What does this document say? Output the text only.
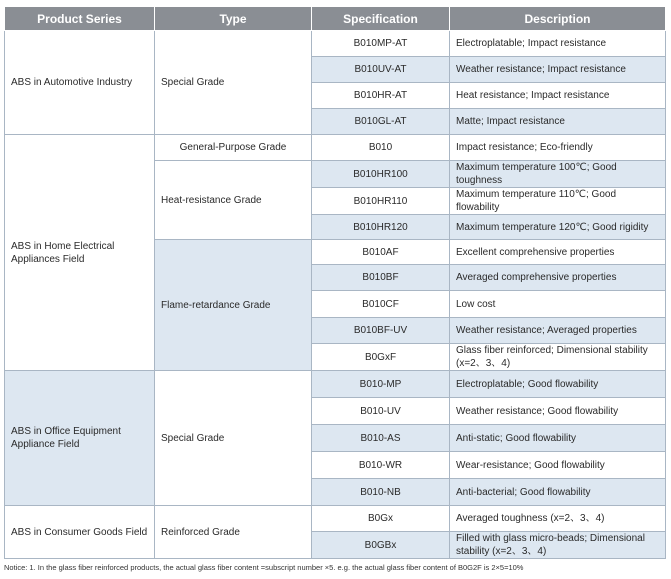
Product Series	Type	Specification	Description
ABS in Automotive Industry	Special Grade	B010MP-AT	Electroplatable; Impact resistance
		B010UV-AT	Weather resistance; Impact resistance
		B010HR-AT	Heat resistance; Impact resistance
		B010GL-AT	Matte; Impact resistance
ABS in Home Electrical Appliances Field	General-Purpose Grade	B010	Impact resistance; Eco-friendly
	Heat-resistance Grade	B010HR100	Maximum temperature 100℃; Good toughness
		B010HR110	Maximum temperature 110℃; Good flowability
		B010HR120	Maximum temperature 120℃; Good rigidity
	Flame-retardance Grade	B010AF	Excellent comprehensive properties
		B010BF	Averaged comprehensive properties
		B010CF	Low cost
		B010BF-UV	Weather resistance; Averaged properties
		B0GxF	Glass fiber reinforced; Dimensional stability (x=2、3、4)
ABS in Office Equipment Appliance Field	Special Grade	B010-MP	Electroplatable; Good flowability
		B010-UV	Weather resistance; Good flowability
		B010-AS	Anti-static; Good flowability
		B010-WR	Wear-resistance; Good flowability
		B010-NB	Anti-bacterial; Good flowability
ABS in Consumer Goods Field	Reinforced Grade	B0Gx	Averaged toughness (x=2、3、4)
		B0GBx	Filled with glass micro-beads; Dimensional stability (x=2、3、4)
Notice: 1. In the glass fiber reinforced products, the actual glass fiber content =subscript number ×5. e.g. the actual glass fiber content of B0G2F is 2×5=10%
